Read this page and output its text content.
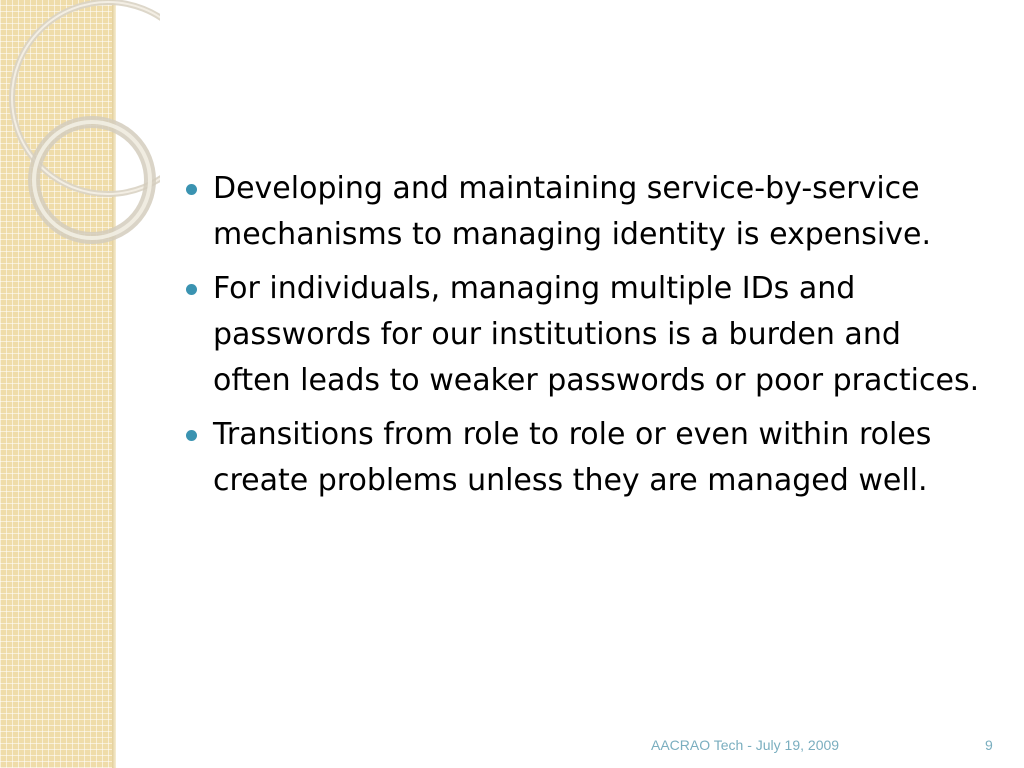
Developing and maintaining service-by-service mechanisms to managing identity is expensive.
For individuals, managing multiple IDs and passwords for our institutions is a burden and often leads to weaker passwords or poor practices.
Transitions from role to role or even within roles create problems unless they are managed well.
AACRAO Tech - July 19, 2009	9
